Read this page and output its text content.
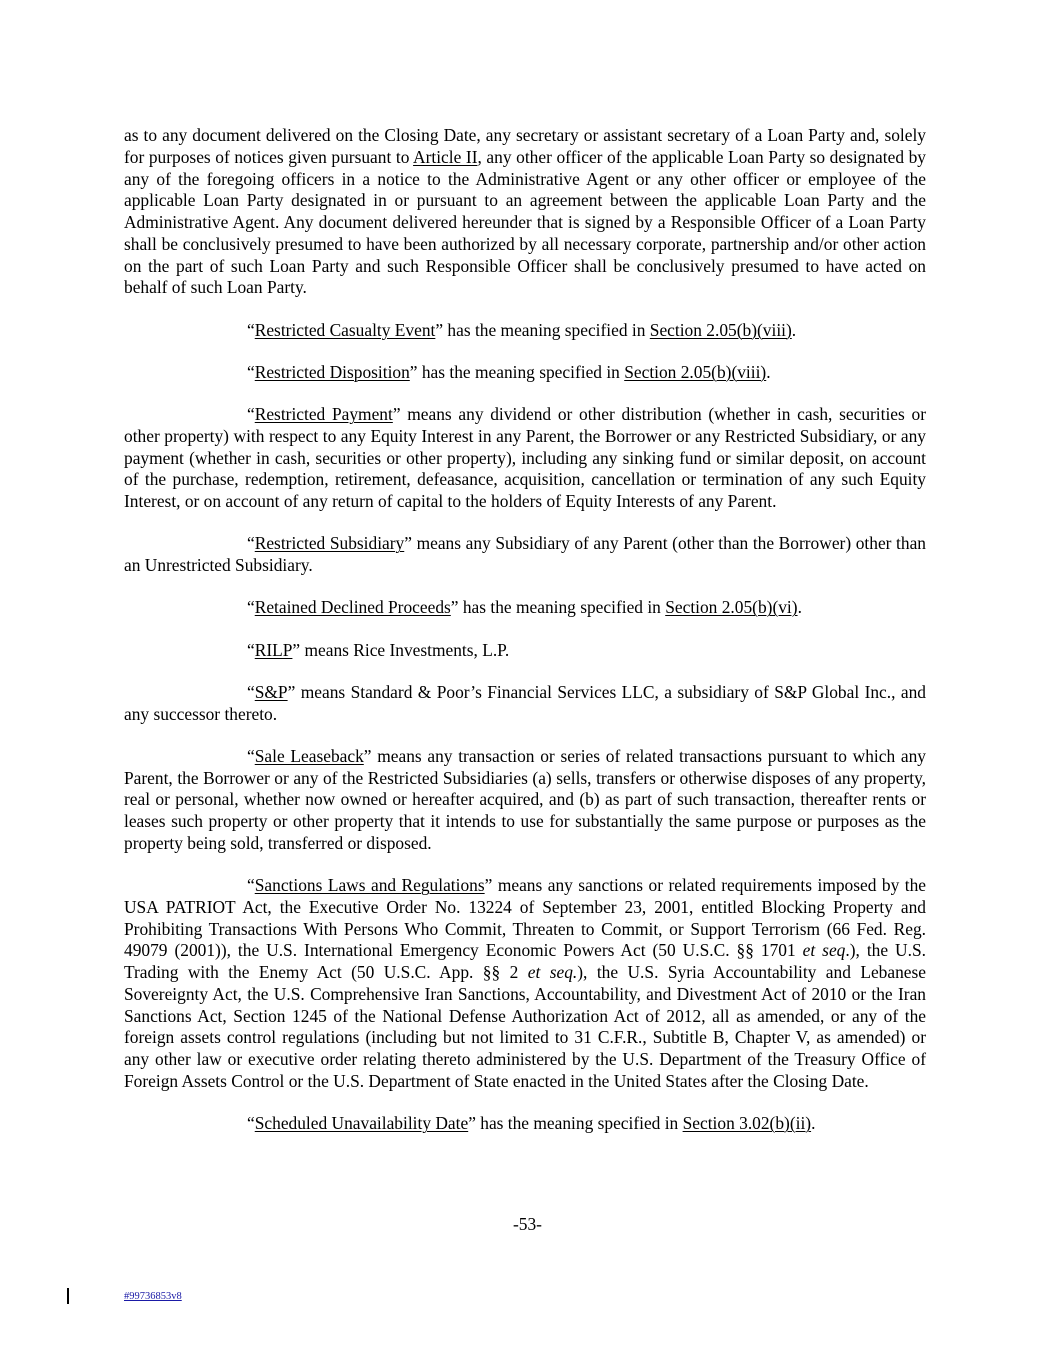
as to any document delivered on the Closing Date, any secretary or assistant secretary of a Loan Party and, solely for purposes of notices given pursuant to Article II, any other officer of the applicable Loan Party so designated by any of the foregoing officers in a notice to the Administrative Agent or any other officer or employee of the applicable Loan Party designated in or pursuant to an agreement between the applicable Loan Party and the Administrative Agent. Any document delivered hereunder that is signed by a Responsible Officer of a Loan Party shall be conclusively presumed to have been authorized by all necessary corporate, partnership and/or other action on the part of such Loan Party and such Responsible Officer shall be conclusively presumed to have acted on behalf of such Loan Party.

“Restricted Casualty Event” has the meaning specified in Section 2.05(b)(viii).

“Restricted Disposition” has the meaning specified in Section 2.05(b)(viii).

“Restricted Payment” means any dividend or other distribution (whether in cash, securities or other property) with respect to any Equity Interest in any Parent, the Borrower or any Restricted Subsidiary, or any payment (whether in cash, securities or other property), including any sinking fund or similar deposit, on account of the purchase, redemption, retirement, defeasance, acquisition, cancellation or termination of any such Equity Interest, or on account of any return of capital to the holders of Equity Interests of any Parent.

“Restricted Subsidiary” means any Subsidiary of any Parent (other than the Borrower) other than an Unrestricted Subsidiary.

“Retained Declined Proceeds” has the meaning specified in Section 2.05(b)(vi).

“RILP” means Rice Investments, L.P.

“S&P” means Standard & Poor’s Financial Services LLC, a subsidiary of S&P Global Inc., and any successor thereto.

“Sale Leaseback” means any transaction or series of related transactions pursuant to which any Parent, the Borrower or any of the Restricted Subsidiaries (a) sells, transfers or otherwise disposes of any property, real or personal, whether now owned or hereafter acquired, and (b) as part of such transaction, thereafter rents or leases such property or other property that it intends to use for substantially the same purpose or purposes as the property being sold, transferred or disposed.

“Sanctions Laws and Regulations” means any sanctions or related requirements imposed by the USA PATRIOT Act, the Executive Order No. 13224 of September 23, 2001, entitled Blocking Property and Prohibiting Transactions With Persons Who Commit, Threaten to Commit, or Support Terrorism (66 Fed. Reg. 49079 (2001)), the U.S. International Emergency Economic Powers Act (50 U.S.C. §§ 1701 et seq.), the U.S. Trading with the Enemy Act (50 U.S.C. App. §§ 2 et seq.), the U.S. Syria Accountability and Lebanese Sovereignty Act, the U.S. Comprehensive Iran Sanctions, Accountability, and Divestment Act of 2010 or the Iran Sanctions Act, Section 1245 of the National Defense Authorization Act of 2012, all as amended, or any of the foreign assets control regulations (including but not limited to 31 C.F.R., Subtitle B, Chapter V, as amended) or any other law or executive order relating thereto administered by the U.S. Department of the Treasury Office of Foreign Assets Control or the U.S. Department of State enacted in the United States after the Closing Date.

“Scheduled Unavailability Date” has the meaning specified in Section 3.02(b)(ii).

-53-

#99736853v8
